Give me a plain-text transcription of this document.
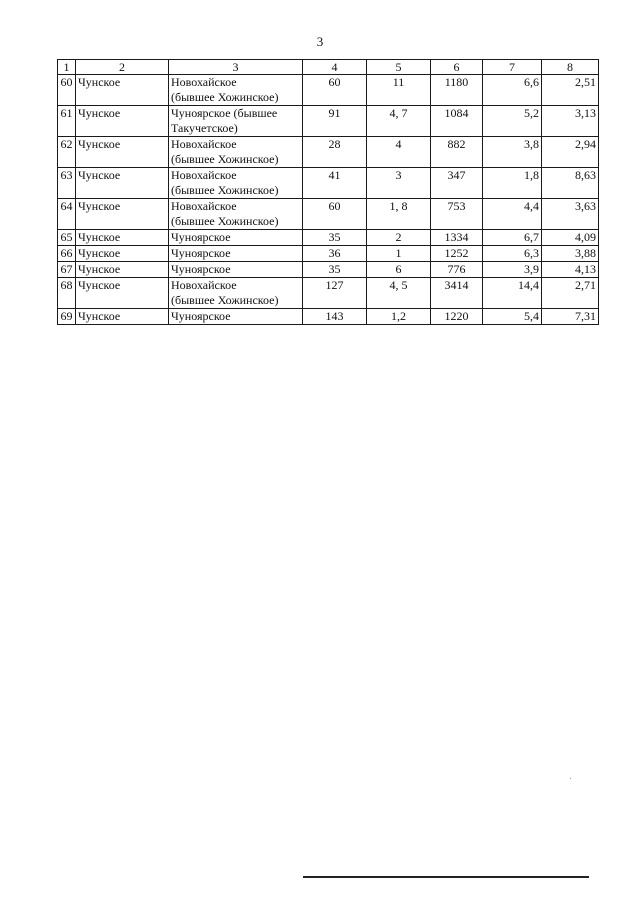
3
1	2	3	4	5	6	7	8
60	Чунское	Новохайское
(бывшее Хожинское)	60	11	1180	6,6	2,51
61	Чунское	Чуноярское (бывшее
Такучетское)	91	4, 7	1084	5,2	3,13
62	Чунское	Новохайское
(бывшее Хожинское)	28	4	882	3,8	2,94
63	Чунское	Новохайское
(бывшее Хожинское)	41	3	347	1,8	8,63
64	Чунское	Новохайское
(бывшее Хожинское)	60	1, 8	753	4,4	3,63
65	Чунское	Чуноярское	35	2	1334	6,7	4,09
66	Чунское	Чуноярское	36	1	1252	6,3	3,88
67	Чунское	Чуноярское	35	6	776	3,9	4,13
68	Чунское	Новохайское
(бывшее Хожинское)	127	4, 5	3414	14,4	2,71
69	Чунское	Чуноярское	143	1,2	1220	5,4	7,31
